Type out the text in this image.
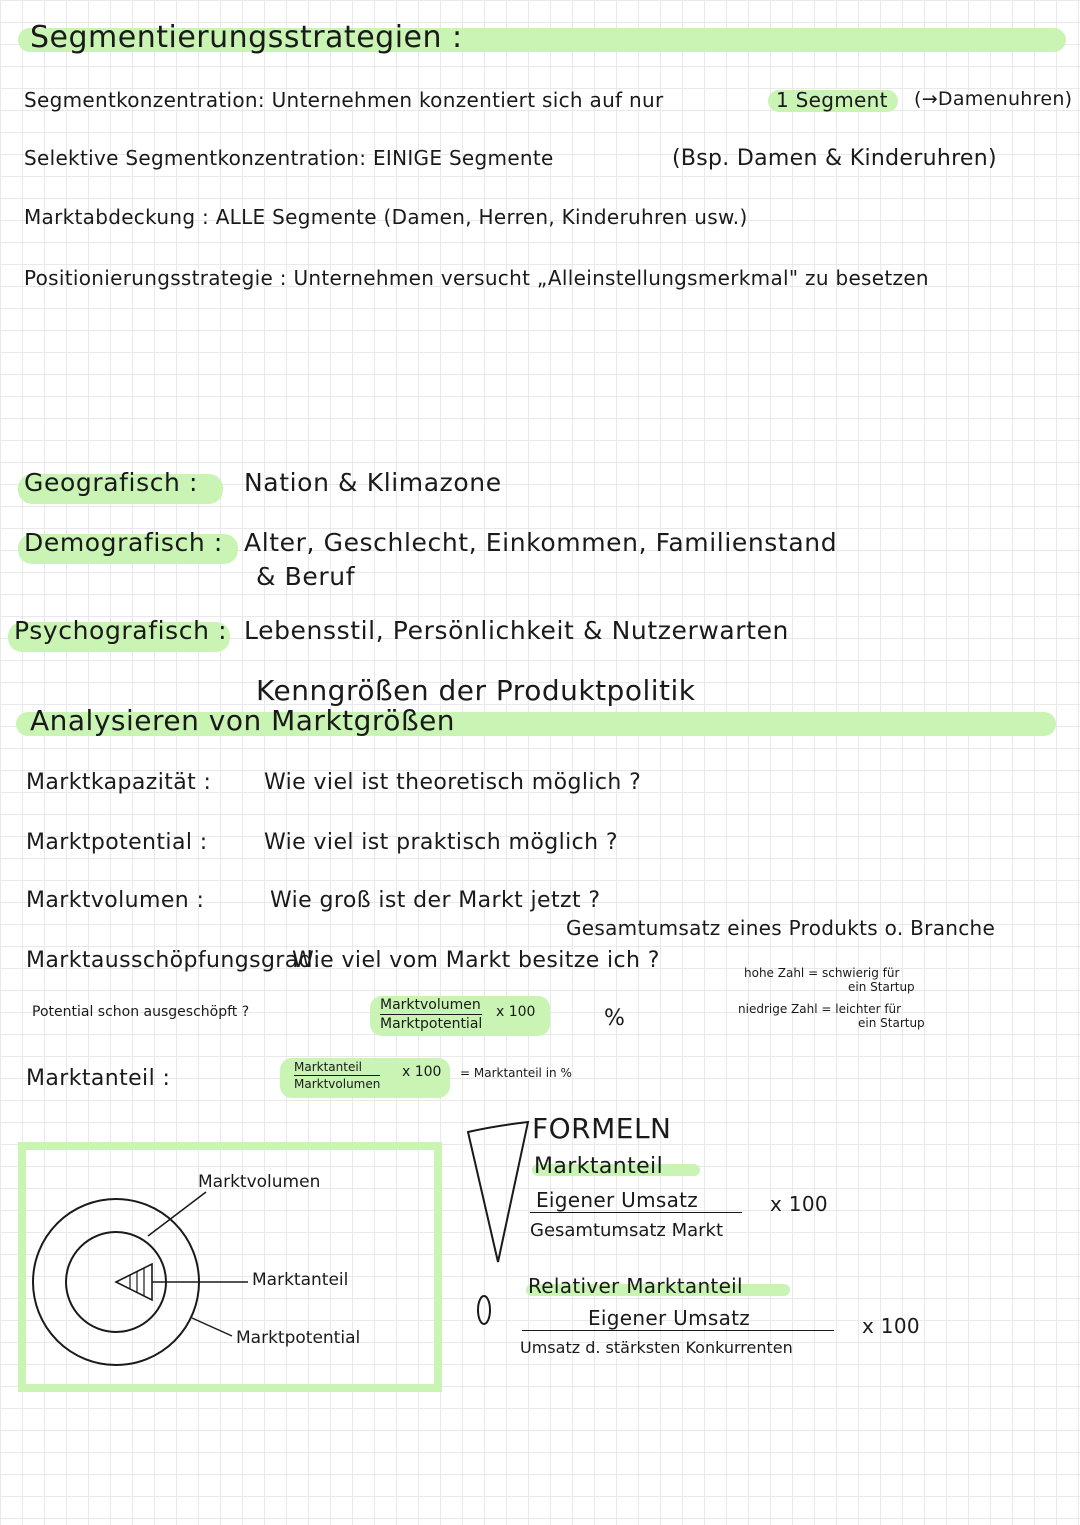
Segmentierungsstrategien :
Segmentkonzentration: Unternehmen konzentiert sich auf nur	1 Segment (→Damenuhren)
Selektive Segmentkonzentration: EINIGE Segmente	(Bsp. Damen & Kinderuhren)
Marktabdeckung : ALLE Segmente (Damen, Herren, Kinderuhren usw.)
Positionierungsstrategie : Unternehmen versucht „Alleinstellungsmerkmal" zu besetzen
Geografisch : Nation & Klimazone
Demografisch : Alter, Geschlecht, Einkommen, Familienstand
& Beruf
Psychografisch : Lebensstil, Persönlichkeit & Nutzerwarten
Kenngrößen der Produktpolitik
Analysieren von Marktgrößen
Marktkapazität : Wie viel ist theoretisch möglich ?
Marktpotential :	Wie viel ist praktisch möglich ?
Marktvolumen :	Wie groß ist der Markt jetzt ?
Gesamtumsatz eines Produkts o. Branche
Marktausschöpfungsgrad:
Wie viel vom Markt besitze ich ?	hohe Zahl = schwierig für
ein Startup
niedrige Zahl = leichter für
ein Startup
Potential schon ausgeschöpft ?	Marktvolumen
Marktpotential
x 100	%
Marktanteil :	Marktanteil
Marktvolumen
x 100 = Marktanteil in %
Marktvolumen
Marktanteil
Marktpotential
FORMELN
Marktanteil
Eigener Umsatz
Gesamtumsatz Markt
x 100
Relativer Marktanteil
Eigener Umsatz
Umsatz d. stärksten Konkurrenten
x 100
